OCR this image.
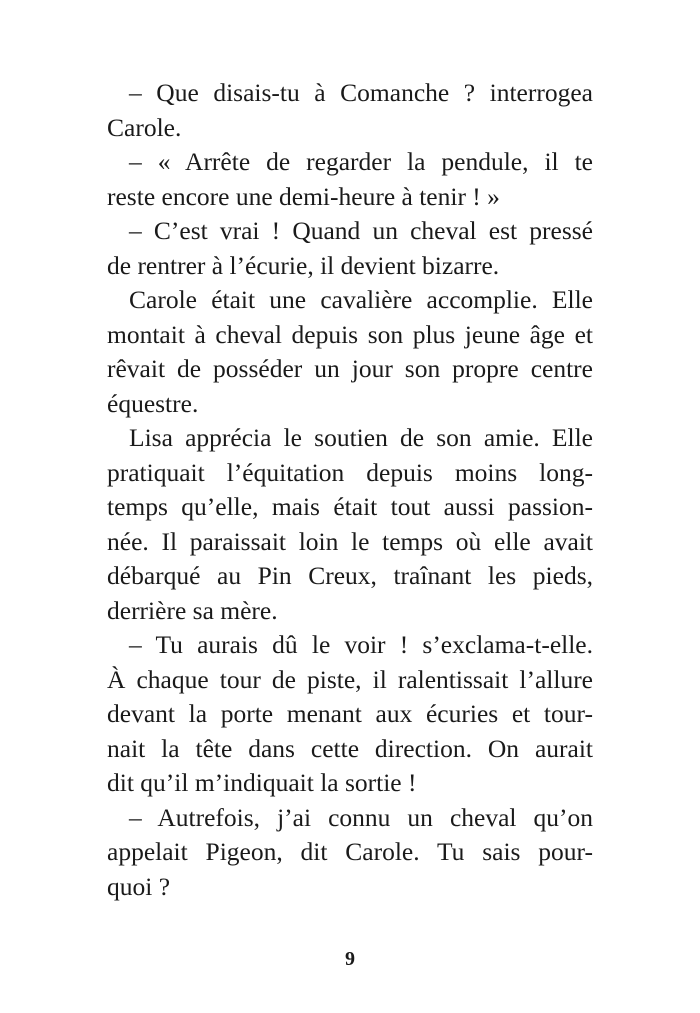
– Que disais-tu à Comanche ? interrogea
Carole.
– « Arrête de regarder la pendule, il te
reste encore une demi-heure à tenir ! »
– C’est vrai ! Quand un cheval est pressé
de rentrer à l’écurie, il devient bizarre.
Carole était une cavalière accomplie. Elle
montait à cheval depuis son plus jeune âge et
rêvait de posséder un jour son propre centre
équestre.
Lisa apprécia le soutien de son amie. Elle
pratiquait l’équitation depuis moins long-
temps qu’elle, mais était tout aussi passion-
née. Il paraissait loin le temps où elle avait
débarqué au Pin Creux, traînant les pieds,
derrière sa mère.
– Tu aurais dû le voir ! s’exclama-t-elle.
À chaque tour de piste, il ralentissait l’allure
devant la porte menant aux écuries et tour-
nait la tête dans cette direction. On aurait
dit qu’il m’indiquait la sortie !
– Autrefois, j’ai connu un cheval qu’on
appelait Pigeon, dit Carole. Tu sais pour-
quoi ?
9
